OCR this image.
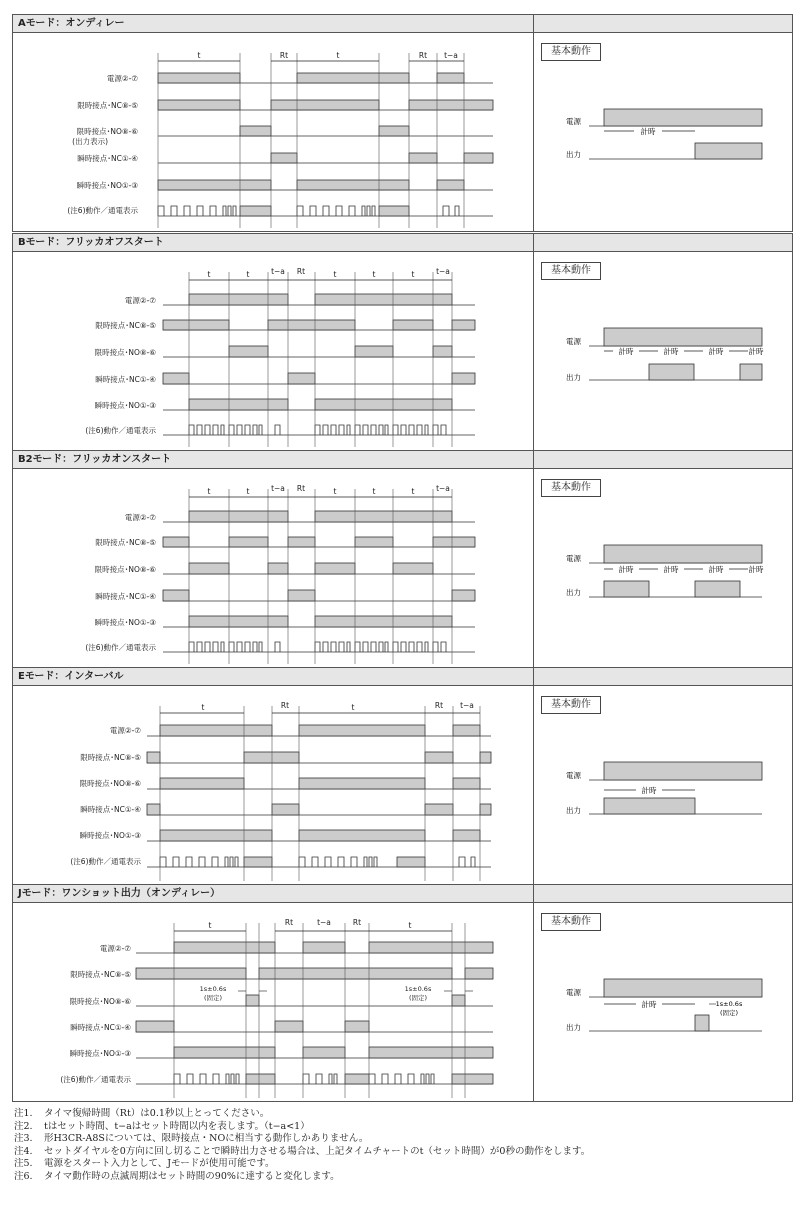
Aモード：オンディレー
基本動作
電源②-⑦
限時接点･NC⑧-⑤
限時接点･NO⑧-⑥
(出力表示)
瞬時接点･NC①-④
瞬時接点･NO①-③
(注6)動作／通電表示
t	Rt	t	Rt t−a
電源
出力
計時
Bモード：フリッカオフスタート
基本動作
電源②-⑦
限時接点･NC⑧-⑤
限時接点･NO⑧-⑥
瞬時接点･NC①-④
瞬時接点･NO①-③
(注6)動作／通電表示
t	t	t−a Rt	t	t	t	t−a
電源
出力
計時	計時	計時	計時
B2モード：フリッカオンスタート
基本動作
電源②-⑦
限時接点･NC⑧-⑤
限時接点･NO⑧-⑥
瞬時接点･NC①-④
瞬時接点･NO①-③
(注6)動作／通電表示
t	t	t−a Rt	t	t	t	t−a
電源
出力
計時	計時	計時	計時
Eモード：インターバル
基本動作
電源②-⑦
限時接点･NC⑧-⑤
限時接点･NO⑧-⑥
瞬時接点･NC①-④
瞬時接点･NO①-③
(注6)動作／通電表示
t	Rt	t	Rt t−a
電源
出力
計時
Jモード：ワンショット出力（オンディレー）
基本動作
電源②-⑦
限時接点･NC⑧-⑤
限時接点･NO⑧-⑥
瞬時接点･NC①-④
瞬時接点･NO①-③
(注6)動作／通電表示
t	Rt	t−a	Rt	t
1s±0.6s
(固定)
1s±0.6s
(固定)
電源
出力
計時	1s±0.6s
(固定)
注1.	タイマ復帰時間（Rt）は0.1秒以上とってください。
注2.	tはセット時間、t−aはセット時間以内を表します。（t−a<1）
注3.	形H3CR-A8Sについては、限時接点・NOに相当する動作しかありません。
注4.	セットダイヤルを0方向に回し切ることで瞬時出力させる場合は、上記タイムチャートのt（セット時間）が0秒の動作をします。
注5.	電源をスタート入力として、Jモードが使用可能です。
注6.	タイマ動作時の点滅周期はセット時間の90%に達すると変化します。
